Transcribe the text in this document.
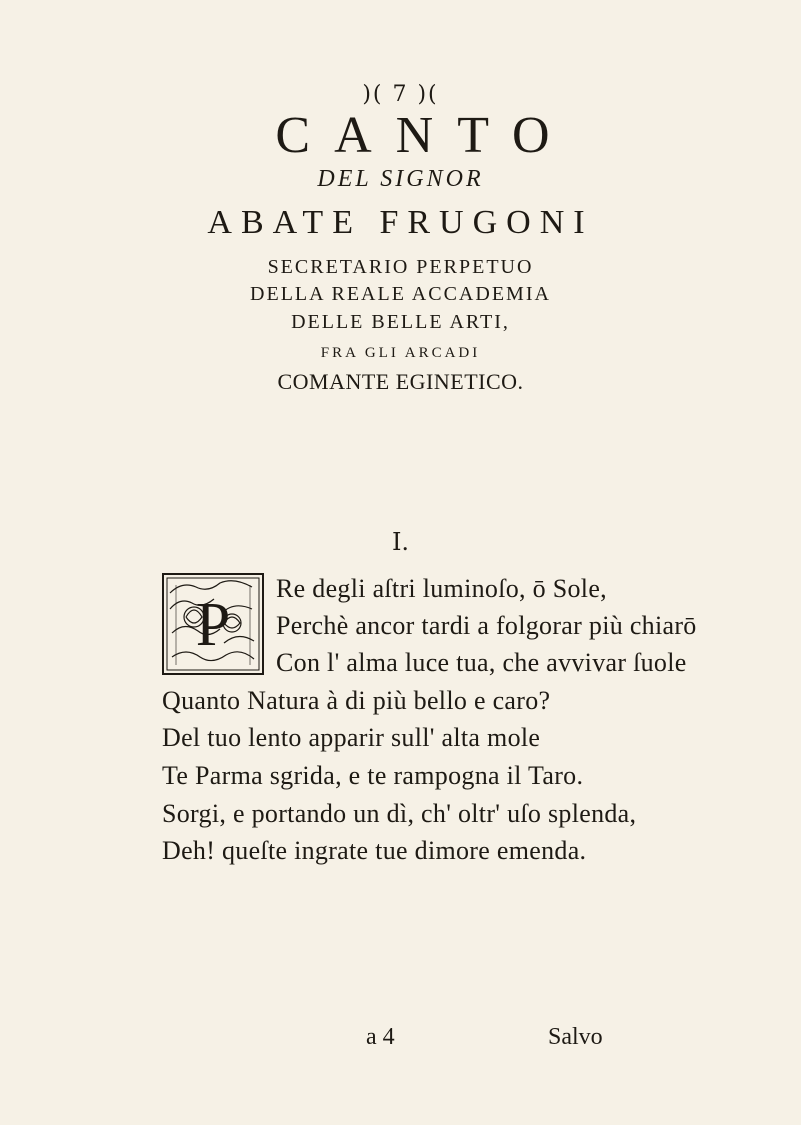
)( 7 )(
CANTO
DEL SIGNOR
ABATE FRUGONI
SECRETARIO PERPETUO
DELLA REALE ACCADEMIA
DELLE BELLE ARTI,
FRA GLI ARCADI
COMANTE EGINETICO.
I.
P
Re degli aſtri luminoſo, ō Sole,
Perchè ancor tardi a folgorar più chiarō
Con l' alma luce tua, che avvivar ſuole
Quanto Natura à di più bello e caro?
Del tuo lento apparir sull' alta mole
Te Parma sgrida, e te rampogna il Taro.
Sorgi, e portando un dì, ch' oltr' uſo splenda,
Deh! queſte ingrate tue dimore emenda.
a 4	Salvo
